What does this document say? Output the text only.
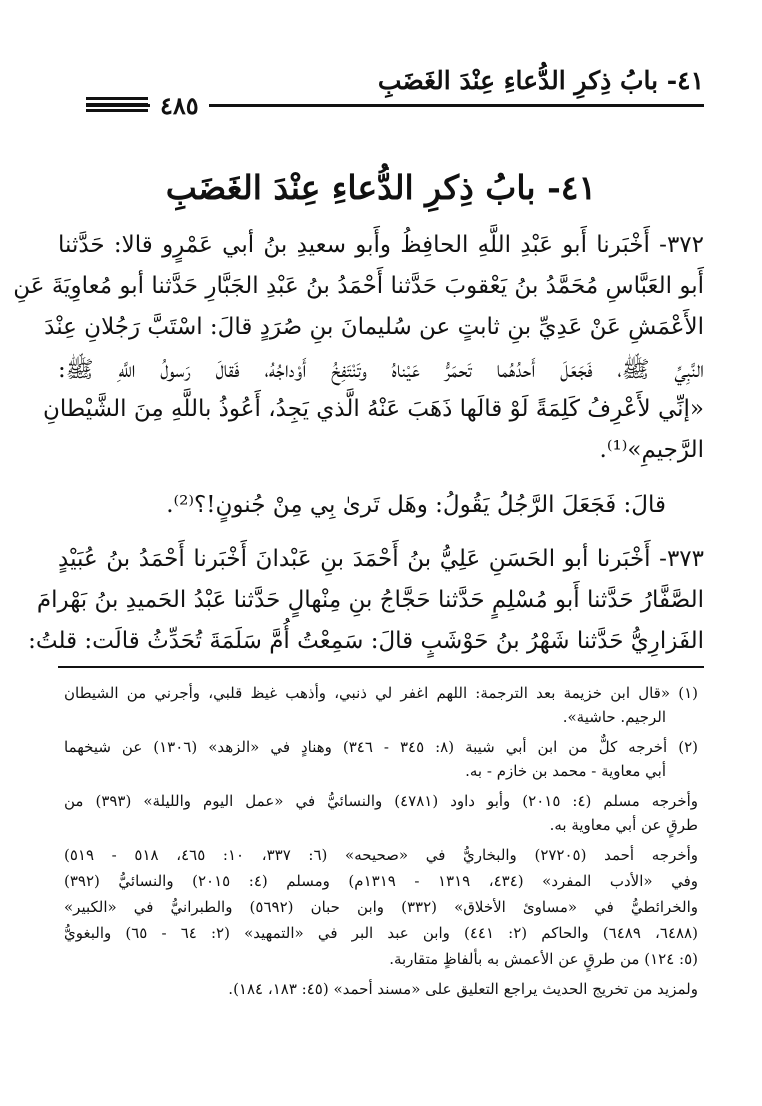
٤١- بابُ ذِكرِ الدُّعاءِ عِنْدَ الغَضَبِ
٤٨٥
٤١- بابُ ذِكرِ الدُّعاءِ عِنْدَ الغَضَبِ
٣٧٢- أَخْبَرنا أَبو عَبْدِ اللَّهِ الحافِظُ وأَبو سعيدِ بنُ أبي عَمْرٍو قالا: حَدَّثنا
أَبو العَبَّاسِ مُحَمَّدُ بنُ يَعْقوبَ حَدَّثنا أَحْمَدُ بنُ عَبْدِ الجَبَّارِ حَدَّثنا أبو مُعاوِيَةَ عَنِ
الأَعْمَشِ عَنْ عَدِيِّ بنِ ثابتٍ عن سُليمانَ بنِ صُرَدٍ قالَ: اسْتَبَّ رَجُلانِ عِنْدَ
النَّبِيِّ ﷺ، فَجَعَلَ أَحدُهُما تَحمَرُّ عَيْناهُ وتَنْتَفِخُ أَوْداجُهُ، فَقالَ رَسولُ اللَّهِ ﷺ:
«إنِّي لأَعْرِفُ كَلِمَةً لَوْ قالَها ذَهَبَ عَنْهُ الَّذي يَجِدُ، أَعُوذُ باللَّهِ مِنَ الشَّيْطانِ
الرَّجيمِ»⁽¹⁾.
قالَ: فَجَعَلَ الرَّجُلُ يَقُولُ: وهَل تَرىٰ بِي مِنْ جُنونٍ!؟⁽²⁾.
٣٧٣- أَخْبَرنا أبو الحَسَنِ عَلِيُّ بنُ أَحْمَدَ بنِ عَبْدانَ أَخْبَرنا أَحْمَدُ بنُ عُبَيْدٍ
الصَّفَّارُ حَدَّثنا أَبو مُسْلِمٍ حَدَّثنا حَجَّاجُ بنِ مِنْهالٍ حَدَّثنا عَبْدُ الحَميدِ بنُ بَهْرامَ
الفَزارِيُّ حَدَّثنا شَهْرُ بنُ حَوْشَبٍ قالَ: سَمِعْتُ أُمَّ سَلَمَةَ تُحَدِّثُ قالَت: قلتُ:
(١) «قال ابن خزيمة بعد الترجمة: اللهم اغفر لي ذنبي، وأذهب غيظ قلبي، وأجرني من الشيطان
الرجيم. حاشية».
(٢) أخرجه كلٌّ من ابن أبي شيبة (٨: ٣٤٥ - ٣٤٦) وهنادٍ في «الزهد» (١٣٠٦) عن شيخهما
أبي معاوية - محمد بن خازم - به.
وأخرجه مسلم (٤: ٢٠١٥) وأبو داود (٤٧٨١) والنسائيُّ في «عمل اليوم والليلة» (٣٩٣) من
طرقٍ عن أبي معاوية به.
وأخرجه أحمد (٢٧٢٠٥) والبخاريُّ في «صحيحه» (٦: ٣٣٧، ١٠: ٤٦٥، ٥١٨ - ٥١٩)
وفي «الأدب المفرد» (٤٣٤، ١٣١٩ - ١٣١٩م) ومسلم (٤: ٢٠١٥) والنسائيُّ (٣٩٢)
والخرائطيُّ في «مساوئ الأخلاق» (٣٣٢) وابن حبان (٥٦٩٢) والطبرانيُّ في «الكبير»
(٦٤٨٨، ٦٤٨٩) والحاكم (٢: ٤٤١) وابن عبد البر في «التمهيد» (٢: ٦٤ - ٦٥) والبغويُّ
(٥: ١٢٤) من طرقٍ عن الأعمش به بألفاظٍ متقاربة.
ولمزيد من تخريج الحديث يراجع التعليق على «مسند أحمد» (٤٥: ١٨٣، ١٨٤).
